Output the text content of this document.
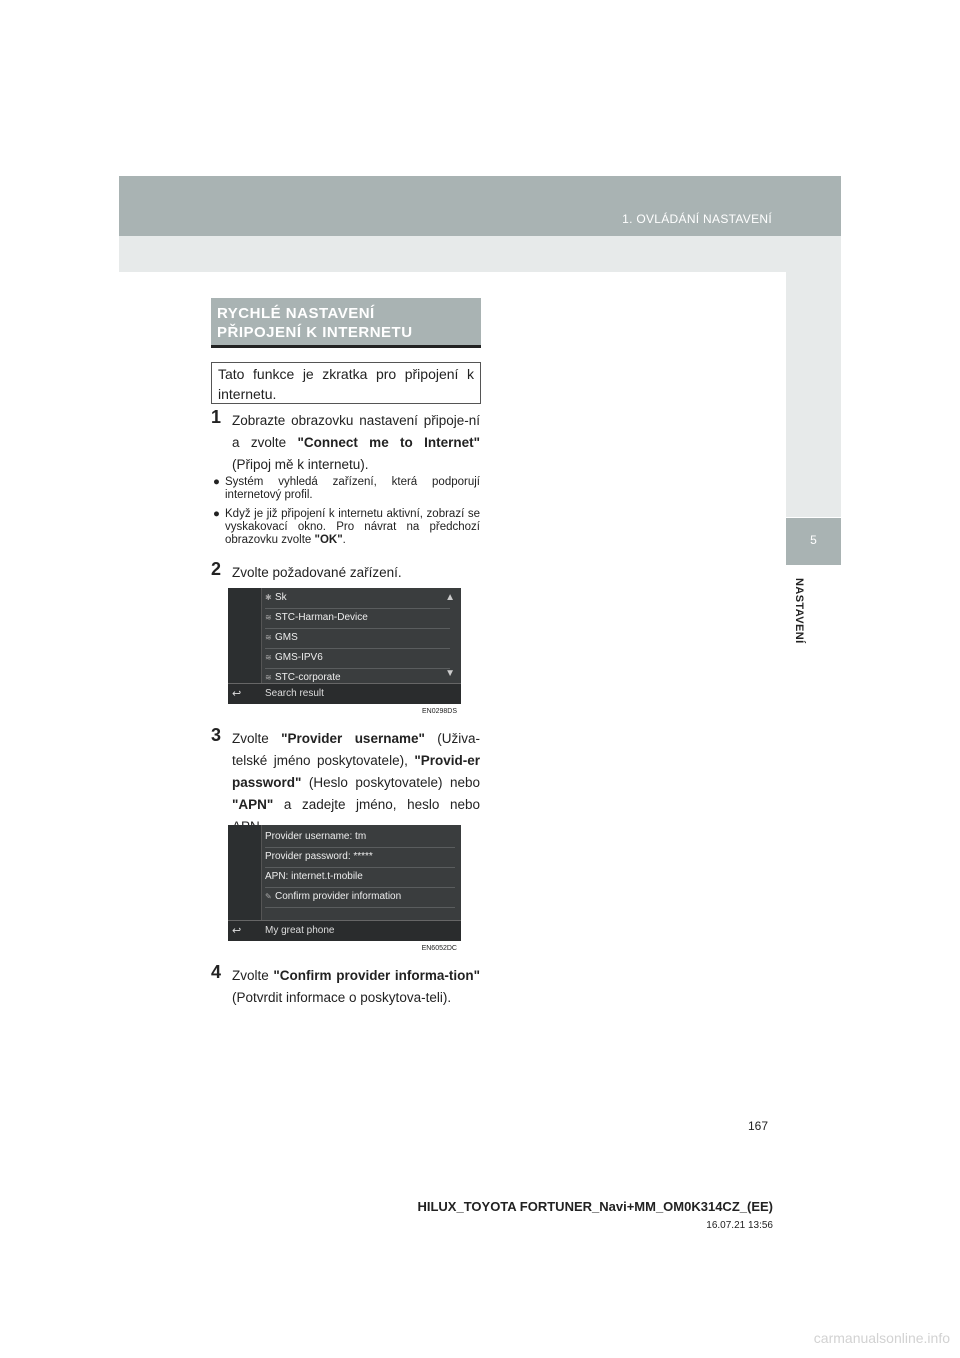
1. OVLÁDÁNÍ NASTAVENÍ
5
NASTAVENÍ
RYCHLÉ NASTAVENÍ
PŘIPOJENÍ K INTERNETU
Tato funkce je zkratka pro připojení k internetu.
1 Zobrazte obrazovku nastavení připoje-ní a zvolte "Connect me to Internet" (Připoj mě k internetu).
● Systém vyhledá zařízení, která podporují internetový profil.
● Když je již připojení k internetu aktivní, zobrazí se vyskakovací okno. Pro návrat na předchozí obrazovku zvolte "OK".
2 Zvolte požadované zařízení.
✱ Sk
≋ STC-Harman-Device
≋ GMS
≋ GMS-IPV6
≋ STC-corporate
▲
▼
↩ Search result
EN0298DS
3 Zvolte "Provider username" (Uživa-telské jméno poskytovatele), "Provid-er password" (Heslo poskytovatele) nebo "APN" a zadejte jméno, heslo nebo
Provider username: tm
Provider password: *****
APN: internet.t-mobile
✎ Confirm provider information
↩ My great phone
EN6052DC
4 Zvolte "Confirm provider informa-tion" (Potvrdit informace o poskytova-teli).
167
HILUX_TOYOTA FORTUNER_Navi+MM_OM0K314CZ_(EE)
16.07.21 13:56
carmanualsonline.info
